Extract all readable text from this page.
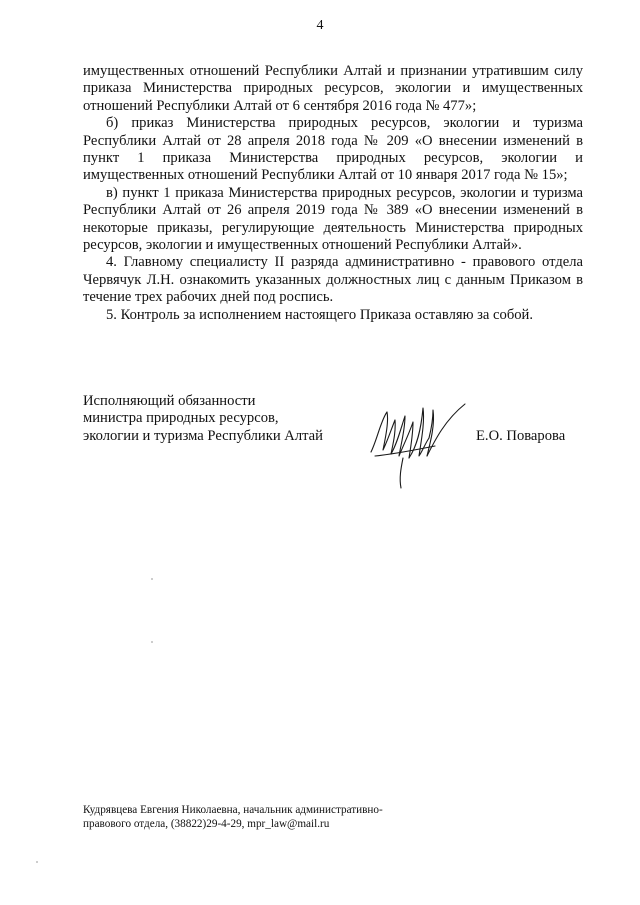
4

имущественных отношений Республики Алтай и признании утратившим силу приказа Министерства природных ресурсов, экологии и имущественных отношений Республики Алтай от 6 сентября 2016 года № 477»;

б) приказ Министерства природных ресурсов, экологии и туризма Республики Алтай от 28 апреля 2018 года № 209 «О внесении изменений в пункт 1 приказа Министерства природных ресурсов, экологии и имущественных отношений Республики Алтай от 10 января 2017 года № 15»;

в) пункт 1 приказа Министерства природных ресурсов, экологии и туризма Республики Алтай от 26 апреля 2019 года № 389 «О внесении изменений в некоторые приказы, регулирующие деятельность Министерства природных ресурсов, экологии и имущественных отношений Республики Алтай».

4. Главному специалисту II разряда административно - правового отдела Червячук Л.Н. ознакомить указанных должностных лиц с данным Приказом в течение трех рабочих дней под роспись.

5. Контроль за исполнением настоящего Приказа оставляю за собой.

Исполняющий обязанности
министра природных ресурсов,
экологии и туризма Республики Алтай	Е.О. Поварова
Кудрявцева Евгения Николаевна, начальник административно-
правового отдела, (38822)29-4-29, mpr_law@mail.ru
